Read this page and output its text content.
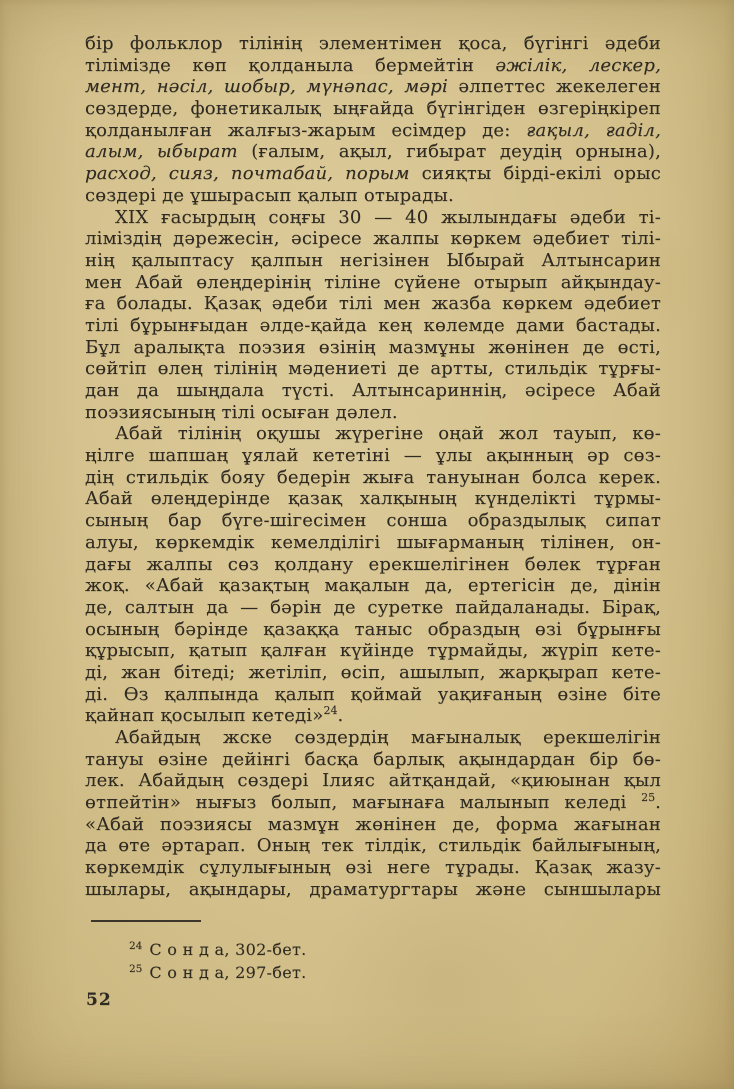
бір фольклор тілінің элементімен қоса, бүгінгі әдеби
тілімізде көп қолданыла бермейтін әжілік, лескер,
мент, нәсіл, шобыр, мүнәпас, мәрі әлпеттес жекелеген
сөздерде, фонетикалық ыңғайда бүгінгіден өзгеріңкіреп
қолданылған жалғыз-жарым есімдер де: ғақыл, ғаділ,
алым, ыбырат (ғалым, ақыл, гибырат деудің орнына),
расход, сияз, почтабай, порым сияқты бірді-екілі орыс
сөздері де ұшырасып қалып отырады.
XIX ғасырдың соңғы 30 — 40 жылындағы әдеби ті-
ліміздің дәрежесін, әсіресе жалпы көркем әдебиет тілі-
нің қалыптасу қалпын негізінен Ыбырай Алтынсарин
мен Абай өлеңдерінің тіліне сүйене отырып айқындау-
ға болады. Қазақ әдеби тілі мен жазба көркем әдебиет
тілі бұрынғыдан әлде-қайда кең көлемде дами бастады.
Бұл аралықта поэзия өзінің мазмұны жөнінен де өсті,
сөйтіп өлең тілінің мәдениеті де артты, стильдік тұрғы-
дан да шыңдала түсті. Алтынсариннің, әсіресе Абай
поэзиясының тілі осыған дәлел.
Абай тілінің оқушы жүрегіне оңай жол тауып, кө-
ңілге шапшаң ұялай кететіні — ұлы ақынның әр сөз-
дің стильдік бояу бедерін жыға тануынан болса керек.
Абай өлеңдерінде қазақ халқының күнделікті тұрмы-
сының бар бүге-шігесімен сонша образдылық сипат
алуы, көркемдік кемелділігі шығарманың тілінен, он-
дағы жалпы сөз қолдану ерекшелігінен бөлек тұрған
жоқ. «Абай қазақтың мақалын да, ертегісін де, дінін
де, салтын да — бәрін де суретке пайдаланады. Бірақ,
осының бәрінде қазаққа таныс образдың өзі бұрынғы
құрысып, қатып қалған күйінде тұрмайды, жүріп кете-
ді, жан бітеді; жетіліп, өсіп, ашылып, жарқырап кете-
ді. Өз қалпында қалып қоймай уақиғаның өзіне біте
қайнап қосылып кетеді»$^{24}$.
Абайдың жске сөздердің мағыналық ерекшелігін
тануы өзіне дейінгі басқа барлық ақындардан бір бө-
лек. Абайдың сөздері Ілияс айтқандай, «қиюынан қыл
өтпейтін» нығыз болып, мағынаға малынып келеді $^{25}$.
«Абай поэзиясы мазмұн жөнінен де, форма жағынан
да өте әртарап. Оның тек тілдік, стильдік байлығының,
көркемдік сұлулығының өзі неге тұрады. Қазақ жазу-
шылары, ақындары, драматургтары және сыншылары
$^{24}$ С о н д а, 302-бет.
$^{25}$ С о н д а, 297-бет.
52
